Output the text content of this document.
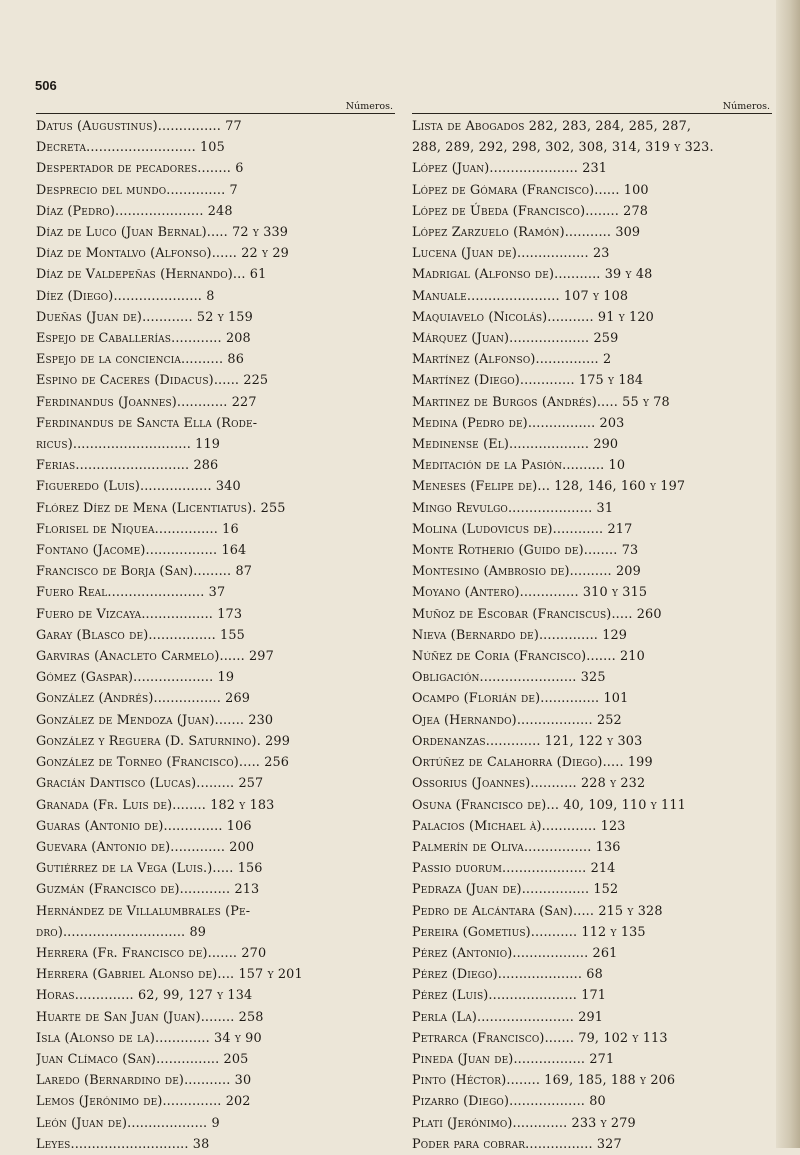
506
Números.
Datus (Augustinus)............... 77
Decreta.......................... 105
Despertador de pecadores........ 6
Desprecio del mundo.............. 7
Díaz (Pedro)..................... 248
Díaz de Luco (Juan Bernal)..... 72 y 339
Díaz de Montalvo (Alfonso)...... 22 y 29
Díaz de Valdepeñas (Hernando)... 61
Díez (Diego)..................... 8
Dueñas (Juan de)............ 52 y 159
Espejo de Caballerías............ 208
Espejo de la conciencia.......... 86
Espino de Caceres (Didacus)...... 225
Ferdinandus (Joannes)............ 227
Ferdinandus de Sancta Ella (Rode-
ricus)............................ 119
Ferias........................... 286
Figueredo (Luis)................. 340
Flórez Díez de Mena (Licentiatus). 255
Florisel de Niquea............... 16
Fontano (Jacome)................. 164
Francisco de Borja (San)......... 87
Fuero Real....................... 37
Fuero de Vizcaya................. 173
Garay (Blasco de)................ 155
Garviras (Anacleto Carmelo)...... 297
Gómez (Gaspar)................... 19
González (Andrés)................ 269
González de Mendoza (Juan)....... 230
González y Reguera (D. Saturnino). 299
González de Torneo (Francisco)..... 256
Gracián Dantisco (Lucas)......... 257
Granada (Fr. Luis de)........ 182 y 183
Guaras (Antonio de).............. 106
Guevara (Antonio de)............. 200
Gutiérrez de la Vega (Luis.)..... 156
Guzmán (Francisco de)............ 213
Hernández de Villalumbrales (Pe-
dro)............................. 89
Herrera (Fr. Francisco de)....... 270
Herrera (Gabriel Alonso de).... 157 y 201
Horas.............. 62, 99, 127 y 134
Huarte de San Juan (Juan)........ 258
Isla (Alonso de la)............. 34 y 90
Juan Clímaco (San)............... 205
Laredo (Bernardino de)........... 30
Lemos (Jerónimo de).............. 202
León (Juan de)................... 9
Leyes............................ 38
Números.
Lista de Abogados 282, 283, 284, 285, 287,
288, 289, 292, 298, 302, 308, 314, 319 y 323.
López (Juan)..................... 231
López de Gómara (Francisco)...... 100
López de Úbeda (Francisco)........ 278
López Zarzuelo (Ramón)........... 309
Lucena (Juan de)................. 23
Madrigal (Alfonso de)........... 39 y 48
Manuale...................... 107 y 108
Maquiavelo (Nicolás)........... 91 y 120
Márquez (Juan)................... 259
Martínez (Alfonso)............... 2
Martínez (Diego)............. 175 y 184
Martinez de Burgos (Andrés)..... 55 y 78
Medina (Pedro de)................ 203
Medinense (El)................... 290
Meditación de la Pasión.......... 10
Meneses (Felipe de)... 128, 146, 160 y 197
Mingo Revulgo.................... 31
Molina (Ludovicus de)............ 217
Monte Rotherio (Guido de)........ 73
Montesino (Ambrosio de).......... 209
Moyano (Antero).............. 310 y 315
Muñoz de Escobar (Franciscus)..... 260
Nieva (Bernardo de).............. 129
Núñez de Coria (Francisco)....... 210
Obligación....................... 325
Ocampo (Florián de).............. 101
Ojea (Hernando).................. 252
Ordenanzas............. 121, 122 y 303
Ortúñez de Calahorra (Diego)..... 199
Ossorius (Joannes)........... 228 y 232
Osuna (Francisco de)... 40, 109, 110 y 111
Palacios (Michael à)............. 123
Palmerín de Oliva................ 136
Passio duorum.................... 214
Pedraza (Juan de)................ 152
Pedro de Alcántara (San)..... 215 y 328
Pereira (Gometius)........... 112 y 135
Pérez (Antonio).................. 261
Pérez (Diego).................... 68
Pérez (Luis)..................... 171
Perla (La)....................... 291
Petrarca (Francisco)....... 79, 102 y 113
Pineda (Juan de)................. 271
Pinto (Héctor)........ 169, 185, 188 y 206
Pizarro (Diego).................. 80
Plati (Jerónimo)............. 233 y 279
Poder para cobrar................ 327
